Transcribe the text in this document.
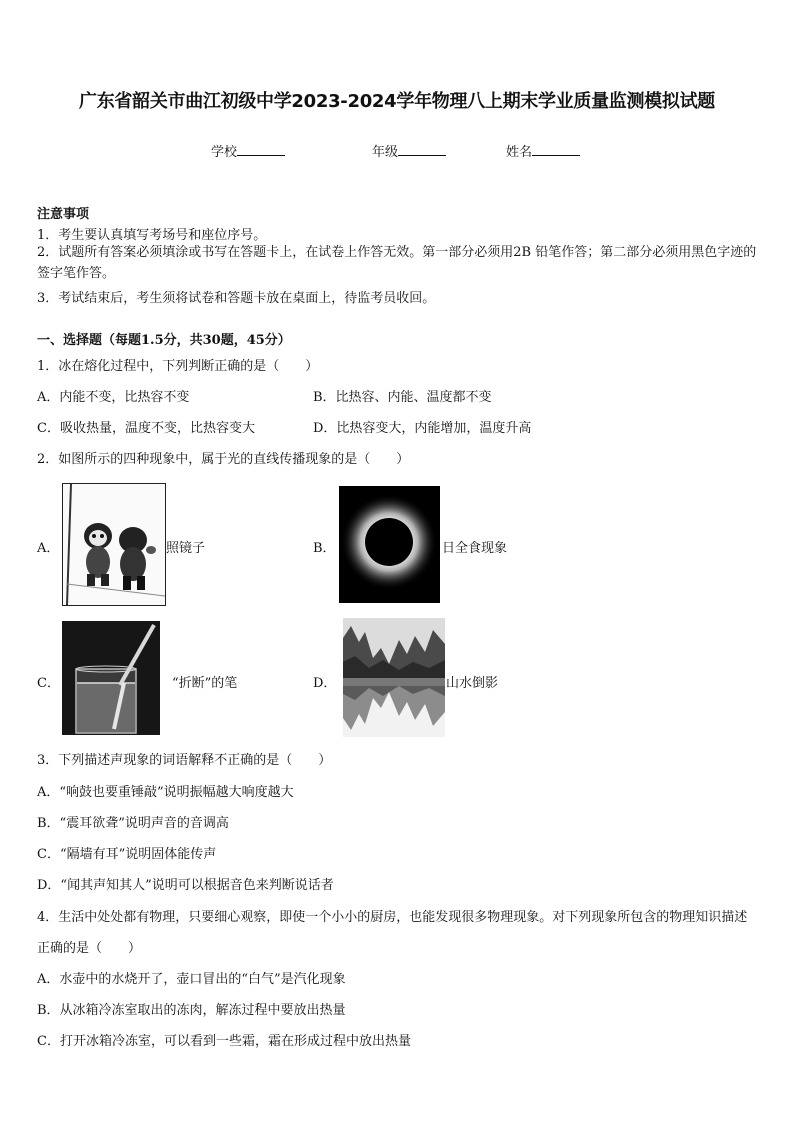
广东省韶关市曲江初级中学2023-2024学年物理八上期末学业质量监测模拟试题
学校	年级	姓名
注意事项
1．考生要认真填写考场号和座位序号。
2．试题所有答案必须填涂或书写在答题卡上，在试卷上作答无效。第一部分必须用2B 铅笔作答；第二部分必须用黑色字迹的签字笔作答。
3．考试结束后，考生须将试卷和答题卡放在桌面上，待监考员收回。
一、选择题（每题1.5分，共30题，45分）
1．冰在熔化过程中，下列判断正确的是（　　）
A．内能不变，比热容不变	B．比热容、内能、温度都不变
C．吸收热量，温度不变，比热容变大	D．比热容变大，内能增加，温度升高
2．如图所示的四种现象中，属于光的直线传播现象的是（　　）
A．	照镜子	B．	日全食现象
C．	“折断”的笔	D．	山水倒影
3．下列描述声现象的词语解释不正确的是（　　）
A．“响鼓也要重锤敲”说明振幅越大响度越大
B．“震耳欲聋”说明声音的音调高
C．“隔墙有耳”说明固体能传声
D．“闻其声知其人”说明可以根据音色来判断说话者
4．生活中处处都有物理，只要细心观察，即使一个小小的厨房，也能发现很多物理现象。对下列现象所包含的物理知识描述正确的是（　　）
A．水壶中的水烧开了，壶口冒出的“白气”是汽化现象
B．从冰箱冷冻室取出的冻肉，解冻过程中要放出热量
C．打开冰箱冷冻室，可以看到一些霜，霜在形成过程中放出热量
